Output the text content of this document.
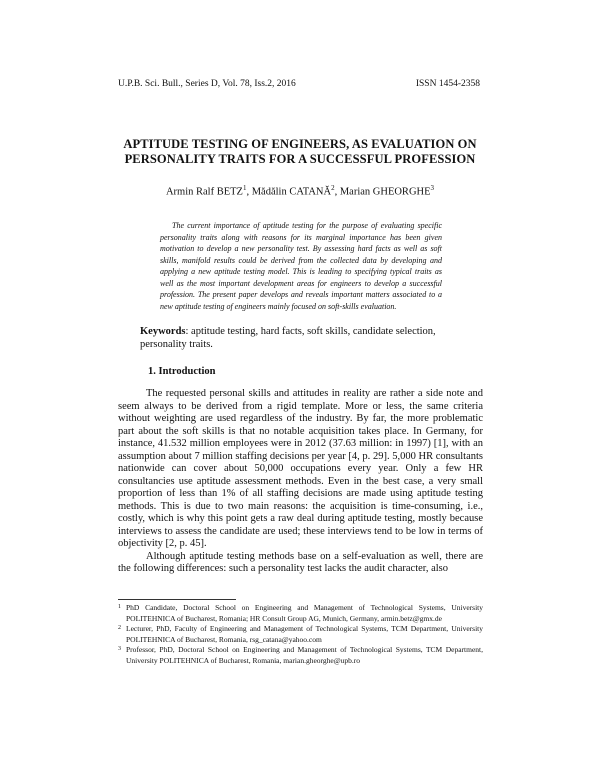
U.P.B. Sci. Bull., Series D, Vol. 78, Iss.2, 2016	ISSN 1454-2358
APTITUDE TESTING OF ENGINEERS, AS EVALUATION ON PERSONALITY TRAITS FOR A SUCCESSFUL PROFESSION
Armin Ralf BETZ$^1$, Mădălin CATANĂ$^2$, Marian GHEORGHE$^3$

The current importance of aptitude testing for the purpose of evaluating specific personality traits along with reasons for its marginal importance has been given motivation to develop a new personality test. By assessing hard facts as well as soft skills, manifold results could be derived from the collected data by developing and applying a new aptitude testing model. This is leading to specifying typical traits as well as the most important development areas for engineers to develop a successful profession. The present paper develops and reveals important matters associated to a new aptitude testing of engineers mainly focused on soft-skills evaluation.

Keywords: aptitude testing, hard facts, soft skills, candidate selection, personality traits.

1. Introduction

The requested personal skills and attitudes in reality are rather a side note and seem always to be derived from a rigid template. More or less, the same criteria without weighting are used regardless of the industry. By far, the more problematic part about the soft skills is that no notable acquisition takes place. In Germany, for instance, 41.532 million employees were in 2012 (37.63 million: in 1997) [1], with an assumption about 7 million staffing decisions per year [4, p. 29]. 5,000 HR consultants nationwide can cover about 50,000 occupations every year. Only a few HR consultancies use aptitude assessment methods. Even in the best case, a very small proportion of less than 1% of all staffing decisions are made using aptitude testing methods. This is due to two main reasons: the acquisition is time-consuming, i.e., costly, which is why this point gets a raw deal during aptitude testing, mostly because interviews to assess the candidate are used; these interviews tend to be low in terms of objectivity [2, p. 45].

Although aptitude testing methods base on a self-evaluation as well, there are the following differences: such a personality test lacks the audit character, also

1 PhD Candidate, Doctoral School on Engineering and Management of Technological Systems, University POLITEHNICA of Bucharest, Romania; HR Consult Group AG, Munich, Germany, armin.betz@gmx.de
2 Lecturer, PhD, Faculty of Engineering and Management of Technological Systems, TCM Department, University POLITEHNICA of Bucharest, Romania, rsg_catana@yahoo.com
3 Professor, PhD, Doctoral School on Engineering and Management of Technological Systems, TCM Department, University POLITEHNICA of Bucharest, Romania, marian.gheorghe@upb.ro
